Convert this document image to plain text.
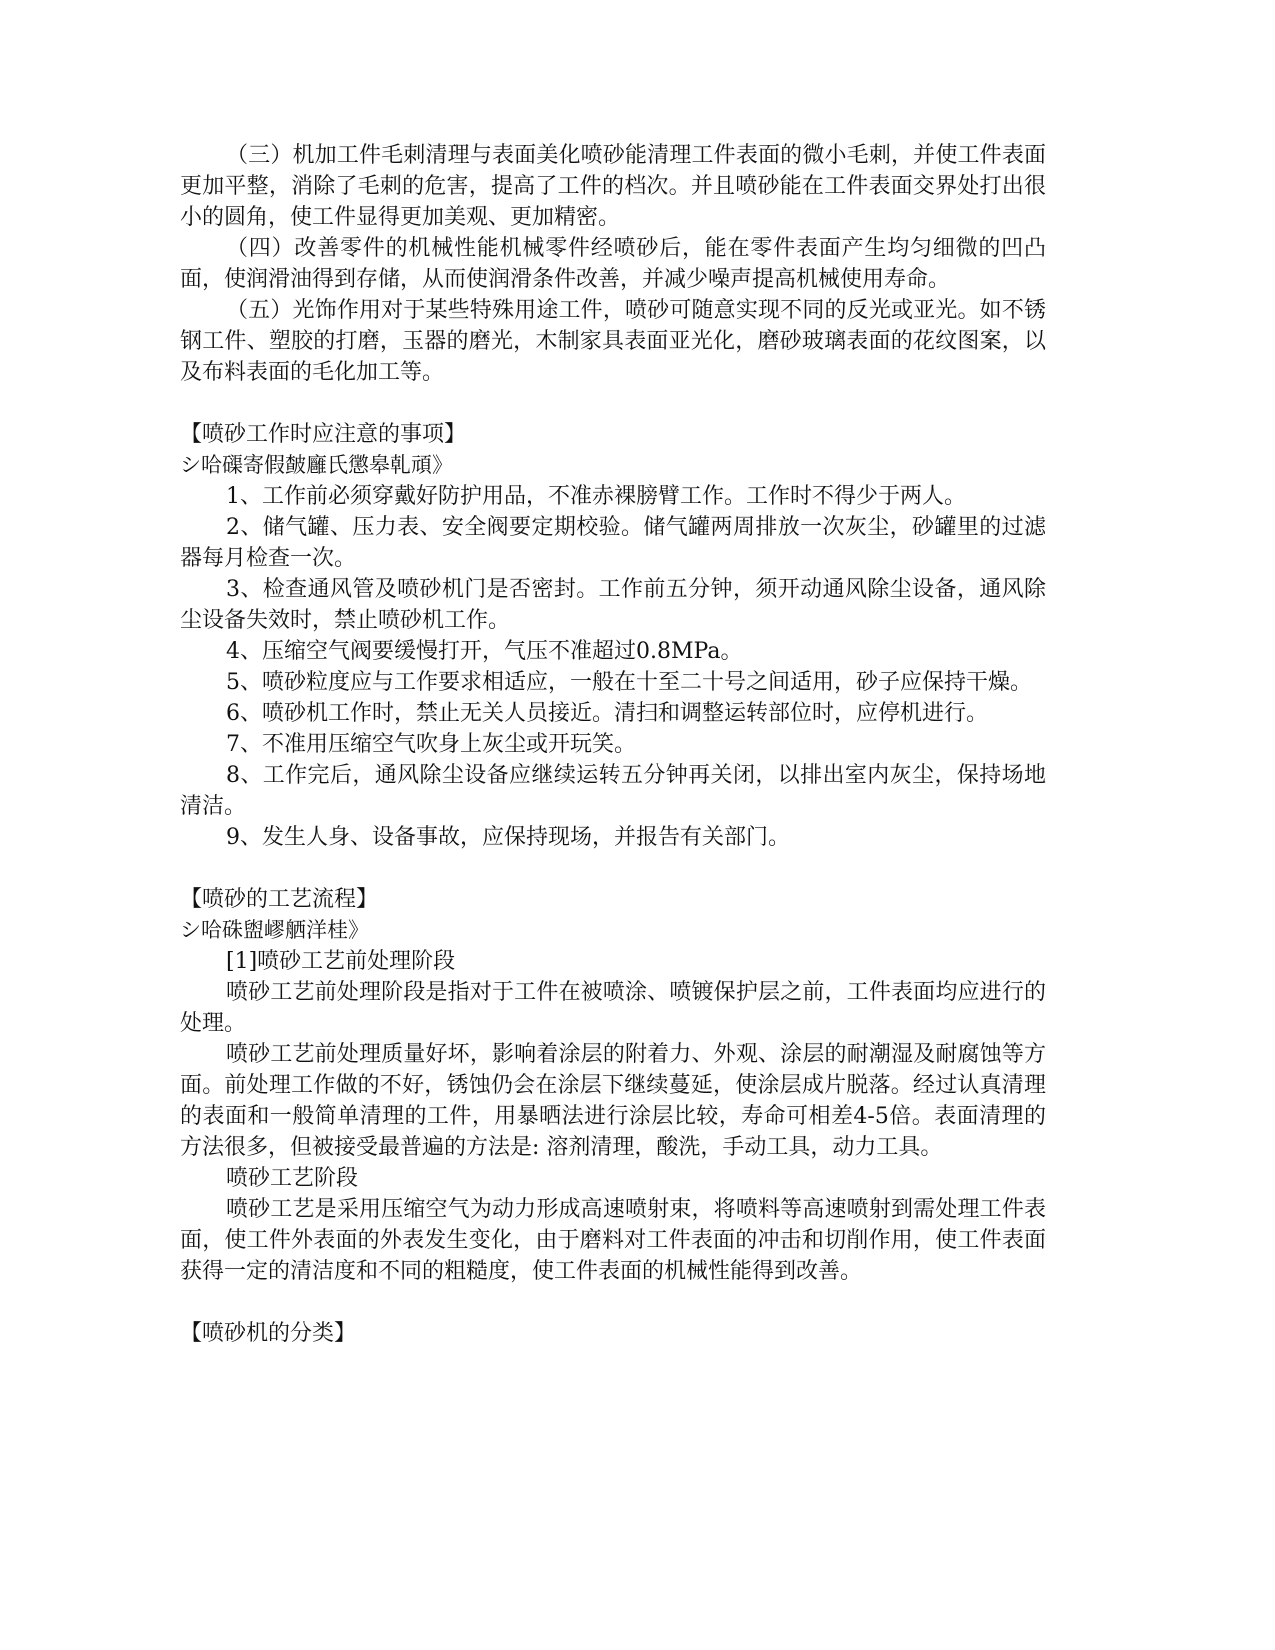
（三）机加工件毛刺清理与表面美化喷砂能清理工件表面的微小毛刺，并使工件表面更加平整，消除了毛刺的危害，提高了工件的档次。并且喷砂能在工件表面交界处打出很小的圆角，使工件显得更加美观、更加精密。

（四）改善零件的机械性能机械零件经喷砂后，能在零件表面产生均匀细微的凹凸面，使润滑油得到存储，从而使润滑条件改善，并减少噪声提高机械使用寿命。

（五）光饰作用对于某些特殊用途工件，喷砂可随意实现不同的反光或亚光。如不锈钢工件、塑胶的打磨，玉器的磨光，木制家具表面亚光化，磨砂玻璃表面的花纹图案，以及布料表面的毛化加工等。

【喷砂工作时应注意的事项】

シ哈磲寄假皶廱氏懲皋乹頑》

1、工作前必须穿戴好防护用品，不准赤裸膀臂工作。工作时不得少于两人。

2、储气罐、压力表、安全阀要定期校验。储气罐两周排放一次灰尘，砂罐里的过滤器每月检查一次。

3、检查通风管及喷砂机门是否密封。工作前五分钟，须开动通风除尘设备，通风除尘设备失效时，禁止喷砂机工作。

4、压缩空气阀要缓慢打开，气压不准超过0.8MPa。

5、喷砂粒度应与工作要求相适应，一般在十至二十号之间适用，砂子应保持干燥。

6、喷砂机工作时，禁止无关人员接近。清扫和调整运转部位时，应停机进行。

7、不准用压缩空气吹身上灰尘或开玩笑。

8、工作完后，通风除尘设备应继续运转五分钟再关闭，以排出室内灰尘，保持场地清洁。

9、发生人身、设备事故，应保持现场，并报告有关部门。

【喷砂的工艺流程】

シ哈硃盥嵺舾洋桂》

[1]喷砂工艺前处理阶段

喷砂工艺前处理阶段是指对于工件在被喷涂、喷镀保护层之前，工件表面均应进行的处理。

喷砂工艺前处理质量好坏，影响着涂层的附着力、外观、涂层的耐潮湿及耐腐蚀等方面。前处理工作做的不好，锈蚀仍会在涂层下继续蔓延，使涂层成片脱落。经过认真清理的表面和一般简单清理的工件，用暴晒法进行涂层比较，寿命可相差4-5倍。表面清理的方法很多，但被接受最普遍的方法是: 溶剂清理，酸洗，手动工具，动力工具。

喷砂工艺阶段

喷砂工艺是采用压缩空气为动力形成高速喷射束，将喷料等高速喷射到需处理工件表面，使工件外表面的外表发生变化，由于磨料对工件表面的冲击和切削作用，使工件表面获得一定的清洁度和不同的粗糙度，使工件表面的机械性能得到改善。

【喷砂机的分类】
